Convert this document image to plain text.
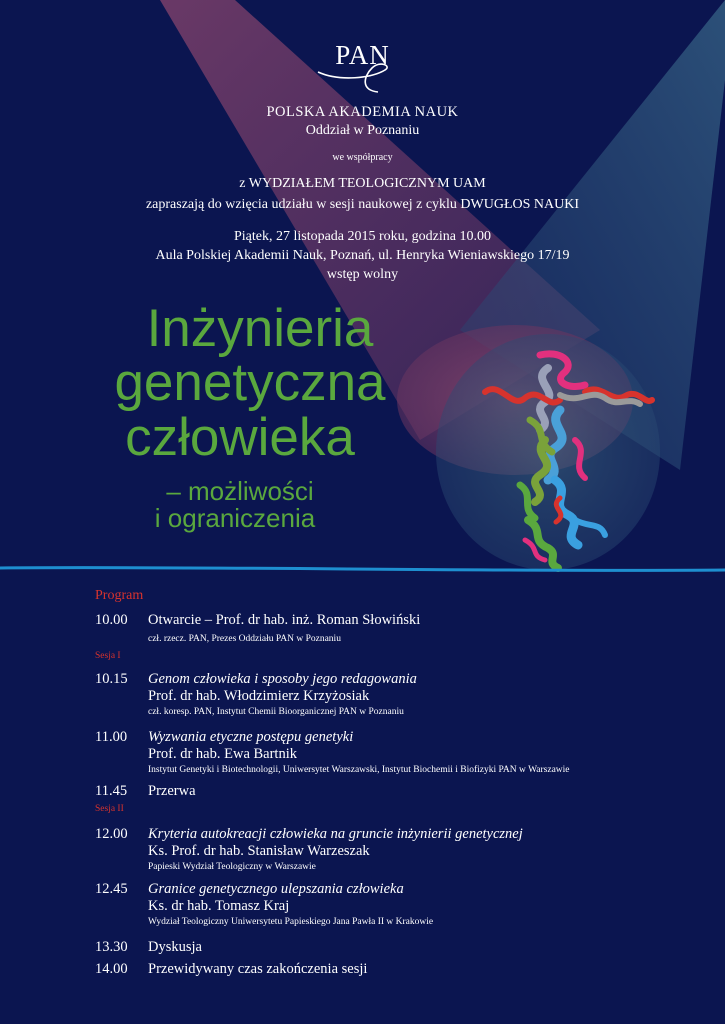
PAN
POLSKA AKADEMIA NAUK
Oddział w Poznaniu
we współpracy
z WYDZIAŁEM TEOLOGICZNYM UAM
zapraszają do wzięcia udziału w sesji naukowej z cyklu DWUGŁOS NAUKI
Piątek, 27 listopada 2015 roku, godzina 10.00
Aula Polskiej Akademii Nauk, Poznań, ul. Henryka Wieniawskiego 17/19
wstęp wolny
Inżynieria
genetyczna
człowieka
– możliwości
i ograniczenia
Program
10.00 Otwarcie – Prof. dr hab. inż. Roman Słowiński
czł. rzecz. PAN, Prezes Oddziału PAN w Poznaniu
Sesja I
10.15 Genom człowieka i sposoby jego redagowania
Prof. dr hab. Włodzimierz Krzyżosiak
czł. koresp. PAN, Instytut Chemii Bioorganicznej PAN w Poznaniu
11.00 Wyzwania etyczne postępu genetyki
Prof. dr hab. Ewa Bartnik
Instytut Genetyki i Biotechnologii, Uniwersytet Warszawski, Instytut Biochemii i Biofizyki PAN w Warszawie
11.45 Przerwa
Sesja II
12.00 Kryteria autokreacji człowieka na gruncie inżynierii genetycznej
Ks. Prof. dr hab. Stanisław Warzeszak
Papieski Wydział Teologiczny w Warszawie
12.45 Granice genetycznego ulepszania człowieka
Ks. dr hab. Tomasz Kraj
Wydział Teologiczny Uniwersytetu Papieskiego Jana Pawła II w Krakowie
13.30 Dyskusja
14.00 Przewidywany czas zakończenia sesji
